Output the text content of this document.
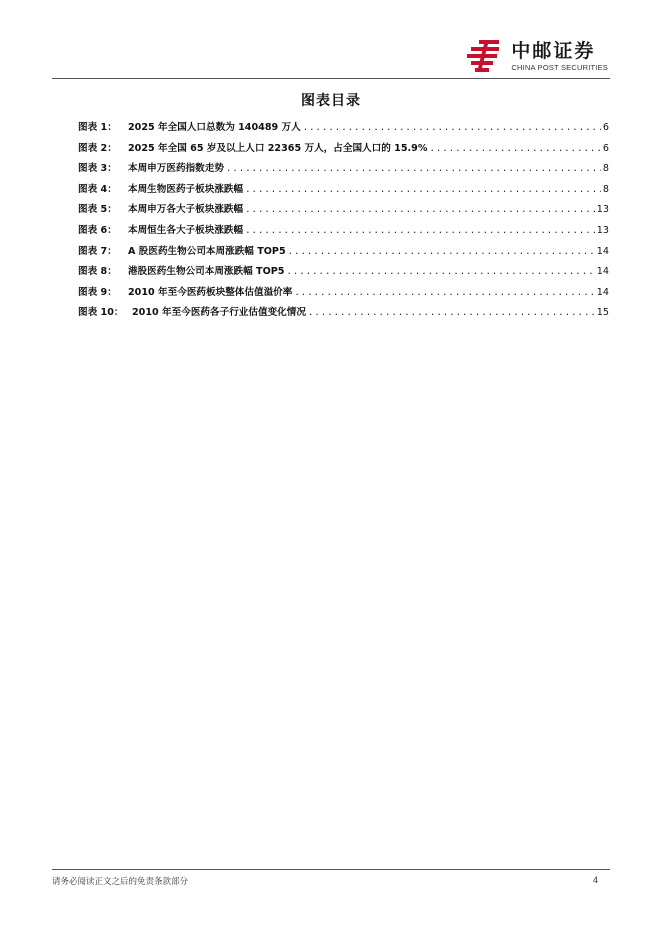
中邮证券
CHINA POST SECURITIES
图表目录
图表 1：	2025 年全国人口总数为 140489 万人 .....	6
图表 2：	2025 年全国 65 岁及以上人口 22365 万人，占全国人口的 15.9% .....	6
图表 3：	本周申万医药指数走势 .....	8
图表 4：	本周生物医药子板块涨跌幅 .....	8
图表 5：	本周申万各大子板块涨跌幅 .....	13
图表 6：	本周恒生各大子板块涨跌幅 .....	13
图表 7：	A 股医药生物公司本周涨跌幅 TOP5 .....	14
图表 8：	港股医药生物公司本周涨跌幅 TOP5 .....	14
图表 9：	2010 年至今医药板块整体估值溢价率 .....	14
图表 10： 2010 年至今医药各子行业估值变化情况 .....	15
请务必阅读正文之后的免责条款部分	4
